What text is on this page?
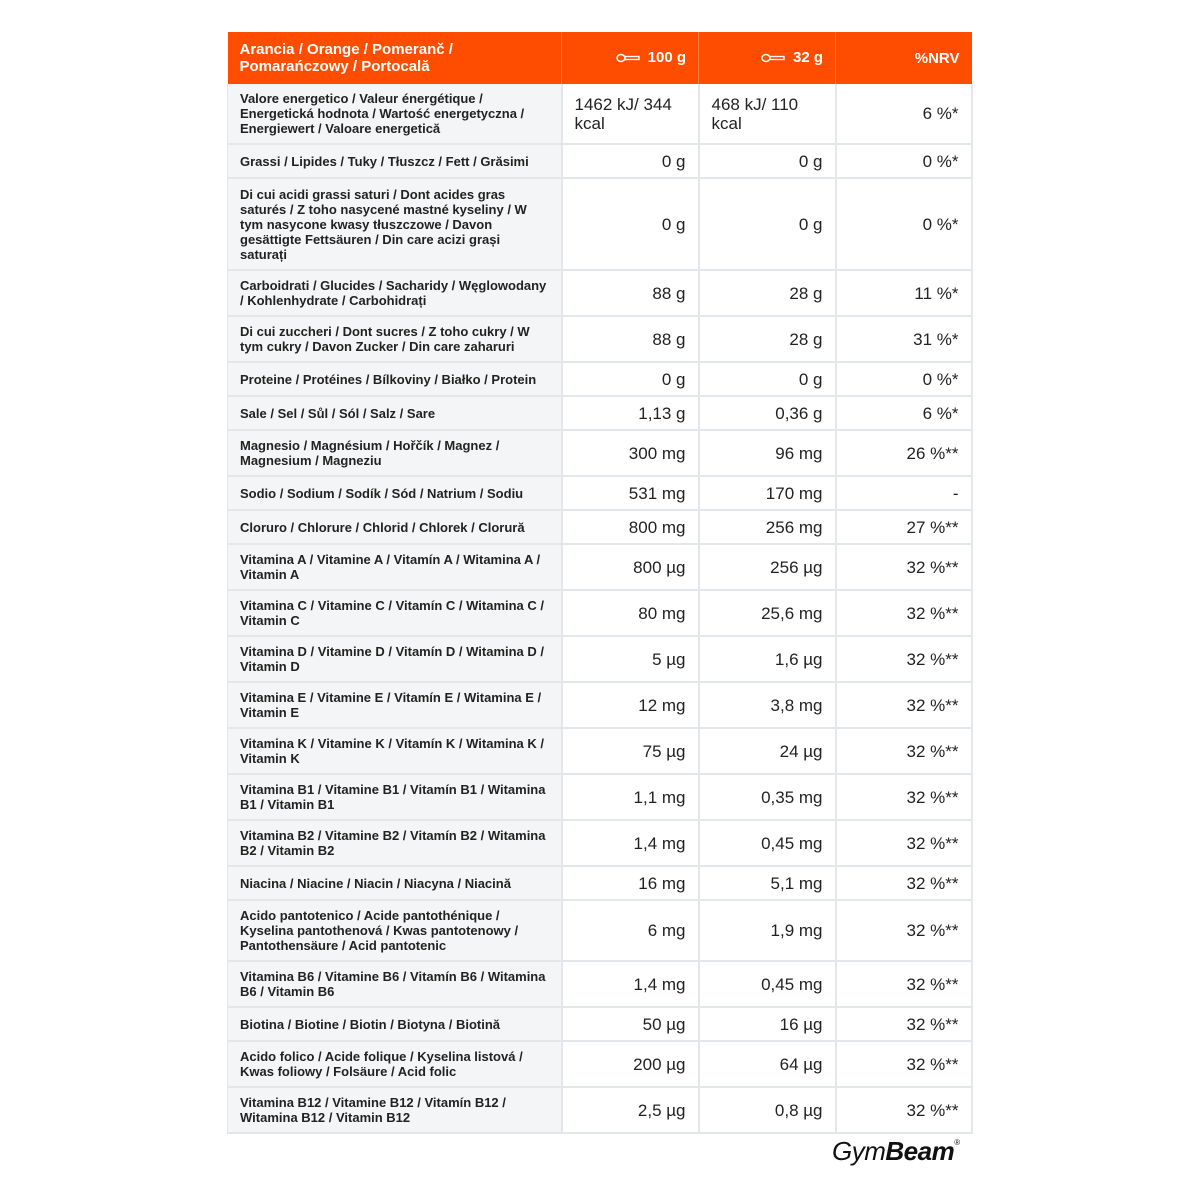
Arancia / Orange / Pomeranč / Pomarańczowy / Portocală	100 g	32 g	%NRV
Valore energetico / Valeur énergétique / Energetická hodnota / Wartość energetyczna / Energiewert / Valoare energetică	1462 kJ/ 344 kcal	468 kJ/ 110 kcal	6 %*
Grassi / Lipides / Tuky / Tłuszcz / Fett / Grăsimi	0 g	0 g	0 %*
Di cui acidi grassi saturi / Dont acides gras saturés / Z toho nasycené mastné kyseliny / W tym nasycone kwasy tłuszczowe / Davon gesättigte Fettsäuren / Din care acizi grași saturați	0 g	0 g	0 %*
Carboidrati / Glucides / Sacharidy / Węglowodany / Kohlenhydrate / Carbohidrați	88 g	28 g	11 %*
Di cui zuccheri / Dont sucres / Z toho cukry / W tym cukry / Davon Zucker / Din care zaharuri	88 g	28 g	31 %*
Proteine / Protéines / Bílkoviny / Białko / Protein	0 g	0 g	0 %*
Sale / Sel / Sůl / Sól / Salz / Sare	1,13 g	0,36 g	6 %*
Magnesio / Magnésium / Hořčík / Magnez / Magnesium / Magneziu	300 mg	96 mg	26 %**
Sodio / Sodium / Sodík / Sód / Natrium / Sodiu	531 mg	170 mg	-
Cloruro / Chlorure / Chlorid / Chlorek / Clorură	800 mg	256 mg	27 %**
Vitamina A / Vitamine A / Vitamín A / Witamina A / Vitamin A	800 µg	256 µg	32 %**
Vitamina C / Vitamine C / Vitamín C / Witamina C / Vitamin C	80 mg	25,6 mg	32 %**
Vitamina D / Vitamine D / Vitamín D / Witamina D / Vitamin D	5 µg	1,6 µg	32 %**
Vitamina E / Vitamine E / Vitamín E / Witamina E / Vitamin E	12 mg	3,8 mg	32 %**
Vitamina K / Vitamine K / Vitamín K / Witamina K / Vitamin K	75 µg	24 µg	32 %**
Vitamina B1 / Vitamine B1 / Vitamín B1 / Witamina B1 / Vitamin B1	1,1 mg	0,35 mg	32 %**
Vitamina B2 / Vitamine B2 / Vitamín B2 / Witamina B2 / Vitamin B2	1,4 mg	0,45 mg	32 %**
Niacina / Niacine / Niacin / Niacyna / Niacină	16 mg	5,1 mg	32 %**
Acido pantotenico / Acide pantothénique / Kyselina pantothenová / Kwas pantotenowy / Pantothensäure / Acid pantotenic	6 mg	1,9 mg	32 %**
Vitamina B6 / Vitamine B6 / Vitamín B6 / Witamina B6 / Vitamin B6	1,4 mg	0,45 mg	32 %**
Biotina / Biotine / Biotin / Biotyna / Biotină	50 µg	16 µg	32 %**
Acido folico / Acide folique / Kyselina listová / Kwas foliowy / Folsäure / Acid folic	200 µg	64 µg	32 %**
Vitamina B12 / Vitamine B12 / Vitamín B12 / Witamina B12 / Vitamin B12	2,5 µg	0,8 µg	32 %**
GymBeam®
